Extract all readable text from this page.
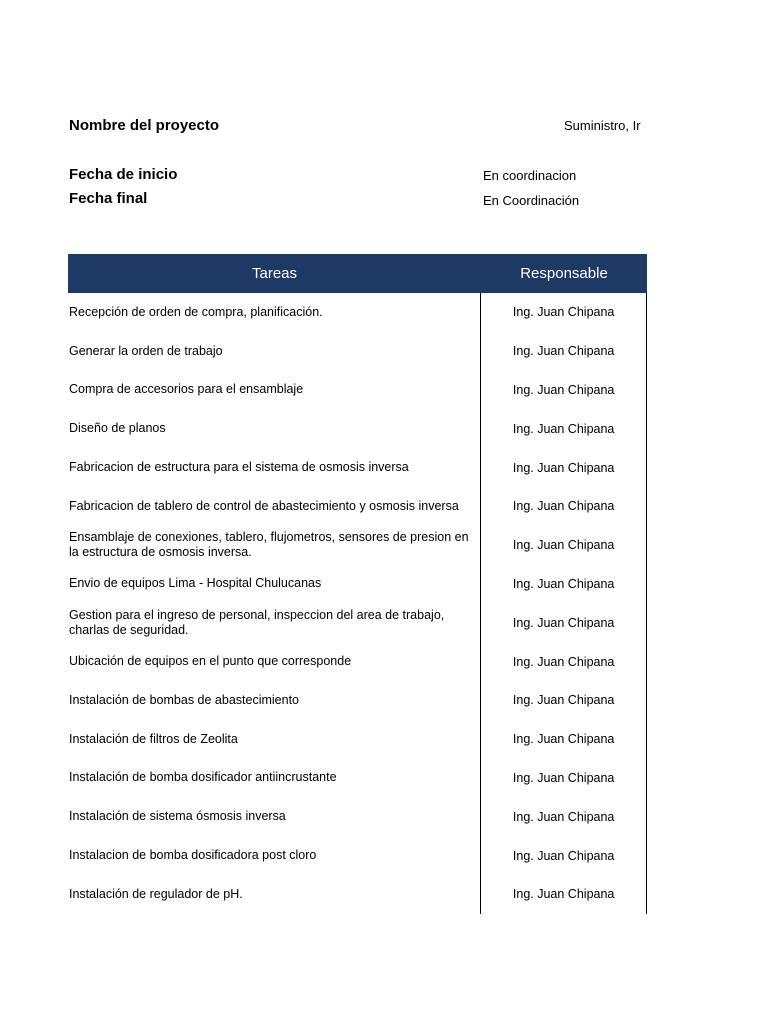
Nombre del proyecto	Suministro, Ir
Fecha de inicio	En coordinacion
Fecha final	En Coordinación
Tareas	Responsable
Recepción de orden de compra, planificación.	Ing. Juan Chipana
Generar la orden de trabajo	Ing. Juan Chipana
Compra de accesorios para el ensamblaje	Ing. Juan Chipana
Diseño de planos	Ing. Juan Chipana
Fabricacion de estructura para el sistema de osmosis inversa	Ing. Juan Chipana
Fabricacion de tablero de control de abastecimiento y osmosis inversa	Ing. Juan Chipana
Ensamblaje de conexiones, tablero, flujometros, sensores de presion en la estructura de osmosis inversa.	Ing. Juan Chipana
Envio de equipos Lima - Hospital Chulucanas	Ing. Juan Chipana
Gestion para el ingreso de personal, inspeccion del area de trabajo, charlas de seguridad.	Ing. Juan Chipana
Ubicación de equipos en el punto que corresponde	Ing. Juan Chipana
Instalación de bombas de abastecimiento	Ing. Juan Chipana
Instalación de filtros de Zeolita	Ing. Juan Chipana
Instalación de bomba dosificador antiincrustante	Ing. Juan Chipana
Instalación de sistema ósmosis inversa	Ing. Juan Chipana
Instalacion de bomba dosificadora post cloro	Ing. Juan Chipana
Instalación de regulador de pH.	Ing. Juan Chipana
